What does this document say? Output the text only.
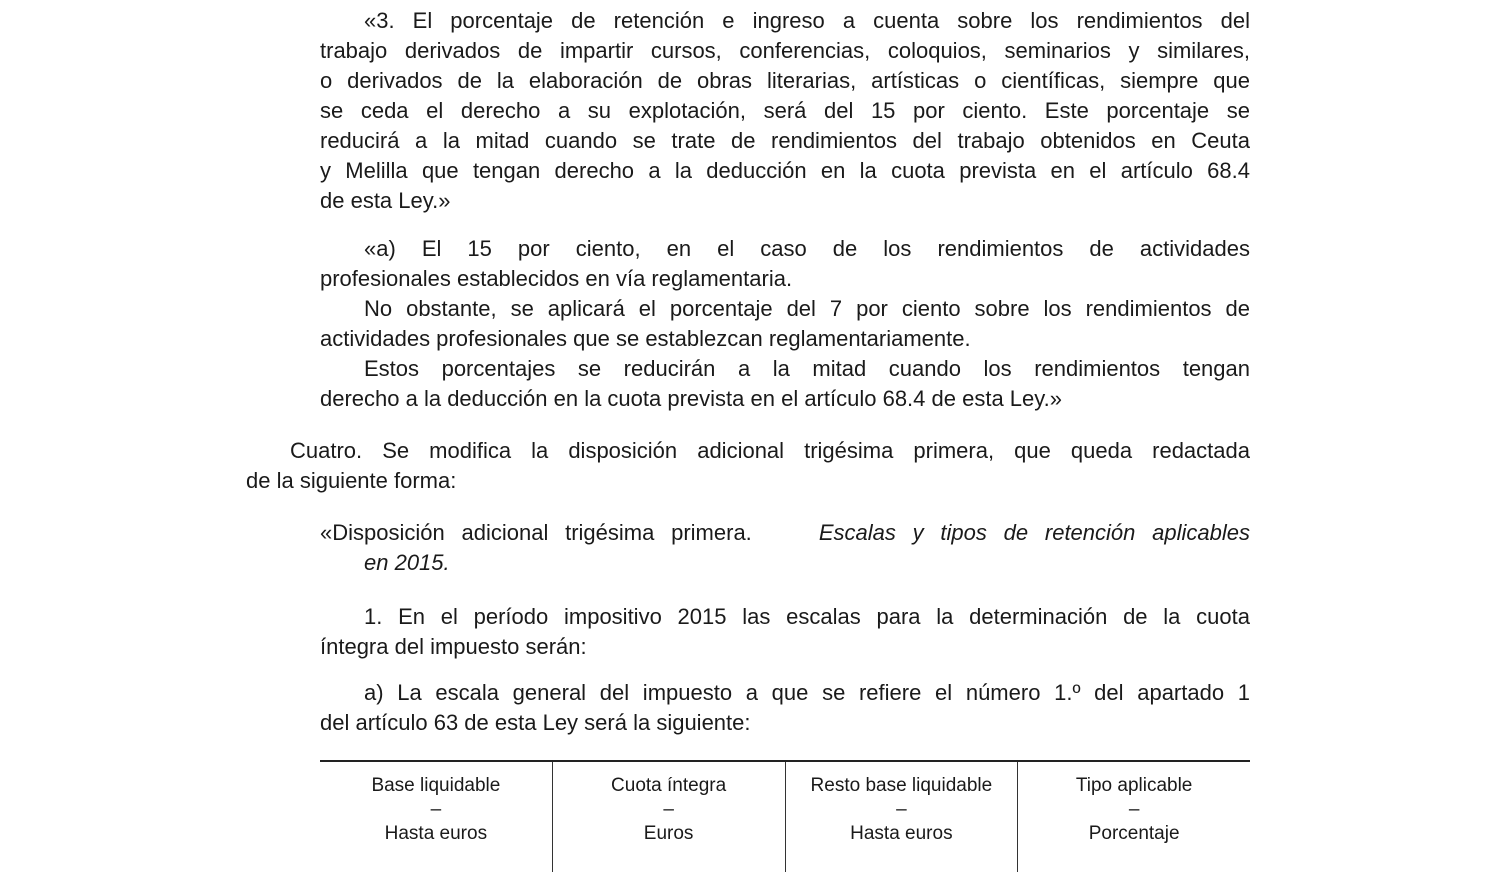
«3. El porcentaje de retención e ingreso a cuenta sobre los rendimientos del
trabajo derivados de impartir cursos, conferencias, coloquios, seminarios y similares,
o derivados de la elaboración de obras literarias, artísticas o científicas, siempre que
se ceda el derecho a su explotación, será del 15 por ciento. Este porcentaje se
reducirá a la mitad cuando se trate de rendimientos del trabajo obtenidos en Ceuta
y Melilla que tengan derecho a la deducción en la cuota prevista en el artículo 68.4
de esta Ley.»
«a) El 15 por ciento, en el caso de los rendimientos de actividades
profesionales establecidos en vía reglamentaria.
No obstante, se aplicará el porcentaje del 7 por ciento sobre los rendimientos de
actividades profesionales que se establezcan reglamentariamente.
Estos porcentajes se reducirán a la mitad cuando los rendimientos tengan
derecho a la deducción en la cuota prevista en el artículo 68.4 de esta Ley.»
Cuatro. Se modifica la disposición adicional trigésima primera, que queda redactada
de la siguiente forma:
«Disposición adicional trigésima primera.	Escalas y tipos de retención aplicables
en 2015.
1. En el período impositivo 2015 las escalas para la determinación de la cuota
íntegra del impuesto serán:
a) La escala general del impuesto a que se refiere el número 1.º del apartado 1
del artículo 63 de esta Ley será la siguiente:
Base liquidable
–
Hasta euros
Cuota íntegra
–
Euros
Resto base liquidable
–
Hasta euros
Tipo aplicable
–
Porcentaje
